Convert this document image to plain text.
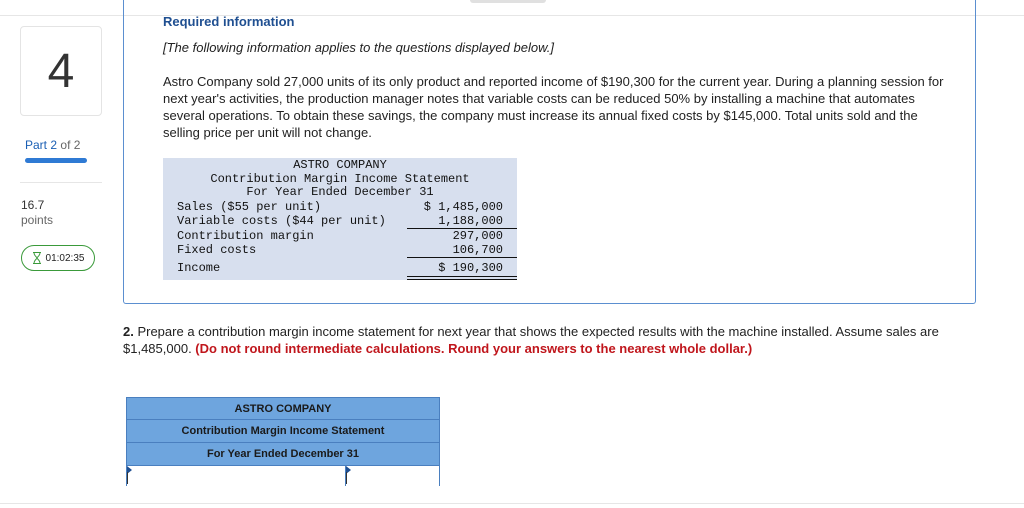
4
Part 2 of 2
16.7
points
01:02:35
Required information
[The following information applies to the questions displayed below.]
Astro Company sold 27,000 units of its only product and reported income of $190,300 for the current year. During a planning session for next year's activities, the production manager notes that variable costs can be reduced 50% by installing a machine that automates several operations. To obtain these savings, the company must increase its annual fixed costs by $145,000. Total units sold and the selling price per unit will not change.
ASTRO COMPANY
Contribution Margin Income Statement
For Year Ended December 31
Sales ($55 per unit)	$ 1,485,000
Variable costs ($44 per unit)	1,188,000
Contribution margin	297,000
Fixed costs	106,700
Income	$ 190,300
2. Prepare a contribution margin income statement for next year that shows the expected results with the machine installed. Assume sales are $1,485,000. (Do not round intermediate calculations. Round your answers to the nearest whole dollar.)
ASTRO COMPANY
Contribution Margin Income Statement
For Year Ended December 31
